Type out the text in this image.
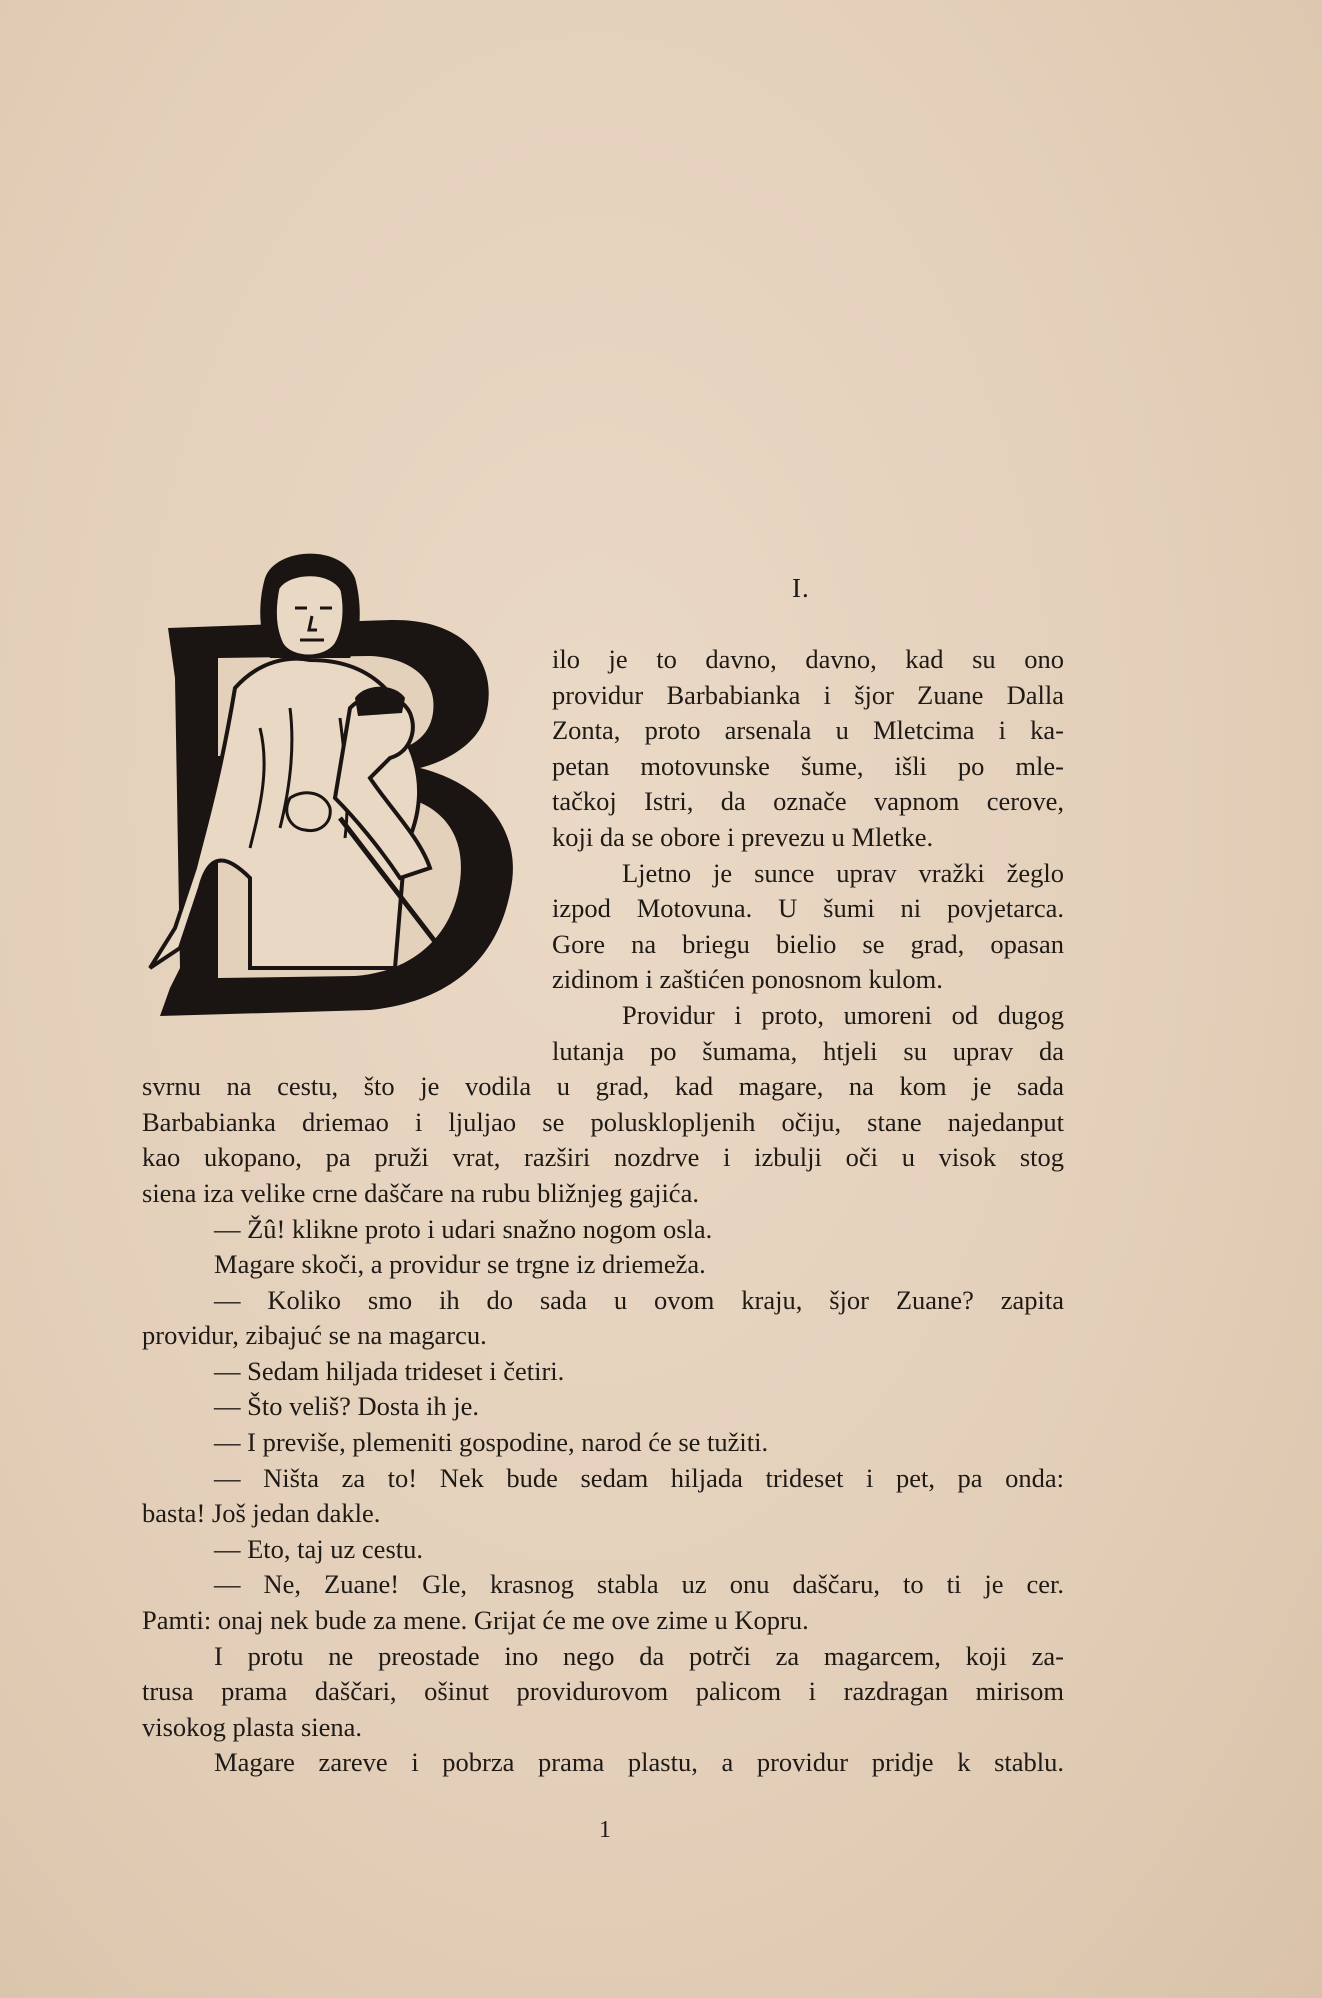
I.
ilo je to davno, davno, kad su ono
providur Barbabianka i šjor Zuane Dalla
Zonta, proto arsenala u Mletcima i ka-
petan motovunske šume, išli po mle-
tačkoj Istri, da označe vapnom cerove,
koji da se obore i prevezu u Mletke.
Ljetno je sunce uprav vražki žeglo
izpod Motovuna. U šumi ni povjetarca.
Gore na briegu bielio se grad, opasan
zidinom i zaštićen ponosnom kulom.
Providur i proto, umoreni od dugog
lutanja po šumama, htjeli su uprav da
svrnu na cestu, što je vodila u grad, kad magare, na kom je sada
Barbabianka driemao i ljuljao se polusklopljenih očiju, stane najedanput
kao ukopano, pa pruži vrat, razširi nozdrve i izbulji oči u visok stog
siena iza velike crne daščare na rubu bližnjeg gajića.
— Žû! klikne proto i udari snažno nogom osla.
Magare skoči, a providur se trgne iz driemeža.
— Koliko smo ih do sada u ovom kraju, šjor Zuane? zapita
providur, zibajuć se na magarcu.
— Sedam hiljada trideset i četiri.
— Što veliš? Dosta ih je.
— I previše, plemeniti gospodine, narod će se tužiti.
— Ništa za to! Nek bude sedam hiljada trideset i pet, pa onda:
basta! Još jedan dakle.
— Eto, taj uz cestu.
— Ne, Zuane! Gle, krasnog stabla uz onu daščaru, to ti je cer.
Pamti: onaj nek bude za mene. Grijat će me ove zime u Kopru.
I protu ne preostade ino nego da potrči za magarcem, koji za-
trusa prama daščari, ošinut providurovom palicom i razdragan mirisom
visokog plasta siena.
Magare zareve i pobrza prama plastu, a providur pridje k stablu.
1
